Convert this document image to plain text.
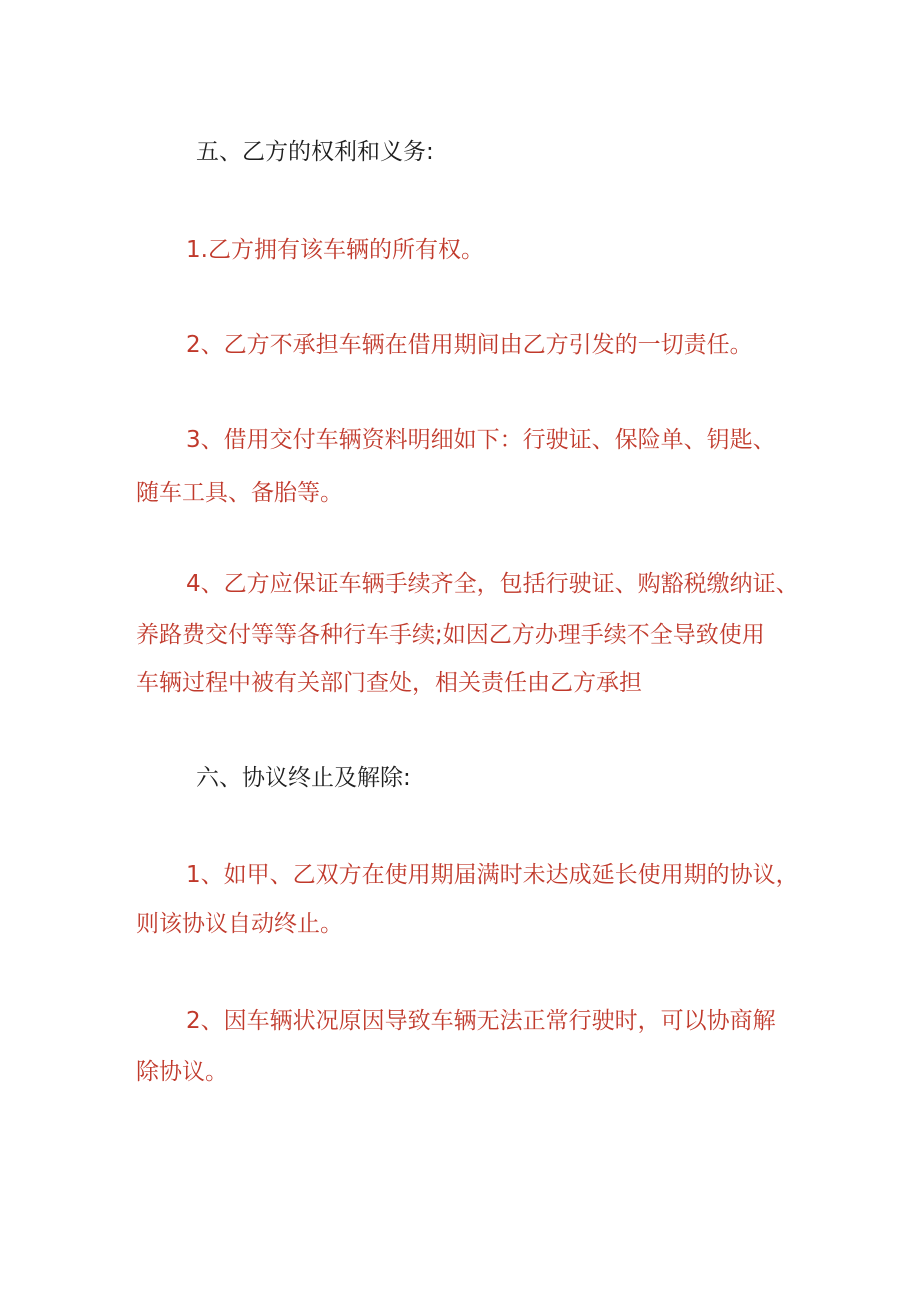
五、乙方的权利和义务:
1.乙方拥有该车辆的所有权。
2、乙方不承担车辆在借用期间由乙方引发的一切责任。
3、借用交付车辆资料明细如下：行驶证、保险单、钥匙、
随车工具、备胎等。
4、乙方应保证车辆手续齐全，包括行驶证、购豁税缴纳证、
养路费交付等等各种行车手续;如因乙方办理手续不全导致使用
车辆过程中被有关部门查处，相关责任由乙方承担
六、协议终止及解除:
1、如甲、乙双方在使用期届满时未达成延长使用期的协议，
则该协议自动终止。
2、因车辆状况原因导致车辆无法正常行驶时，可以协商解
除协议。
